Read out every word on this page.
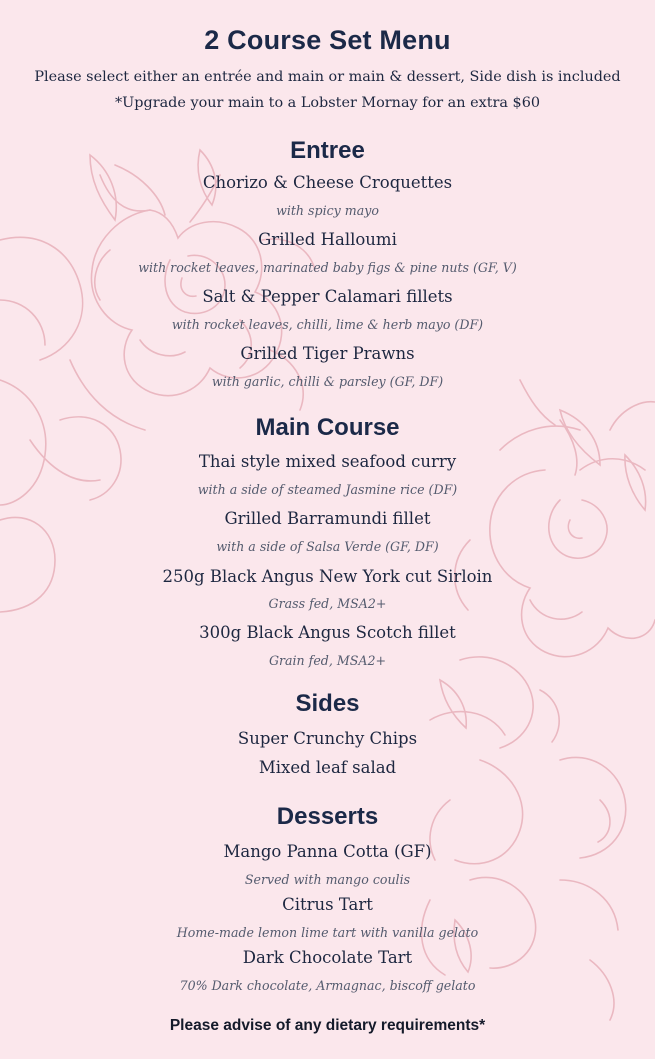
2 Course Set Menu
Please select either an entrée and main or main & dessert, Side dish is included
*Upgrade your main to a Lobster Mornay for an extra $60
Entree
Chorizo & Cheese Croquettes
with spicy mayo
Grilled Halloumi
with rocket leaves, marinated baby figs & pine nuts (GF, V)
Salt & Pepper Calamari fillets
with rocket leaves, chilli, lime & herb mayo (DF)
Grilled Tiger Prawns
with garlic, chilli & parsley (GF, DF)
Main Course
Thai style mixed seafood curry
with a side of steamed Jasmine rice (DF)
Grilled Barramundi fillet
with a side of Salsa Verde (GF, DF)
250g Black Angus New York cut Sirloin
Grass fed, MSA2+
300g Black Angus Scotch fillet
Grain fed, MSA2+
Sides
Super Crunchy Chips
Mixed leaf salad
Desserts
Mango Panna Cotta (GF)
Served with mango coulis
Citrus Tart
Home-made lemon lime tart with vanilla gelato
Dark Chocolate Tart
70% Dark chocolate, Armagnac, biscoff gelato
Please advise of any dietary requirements*
